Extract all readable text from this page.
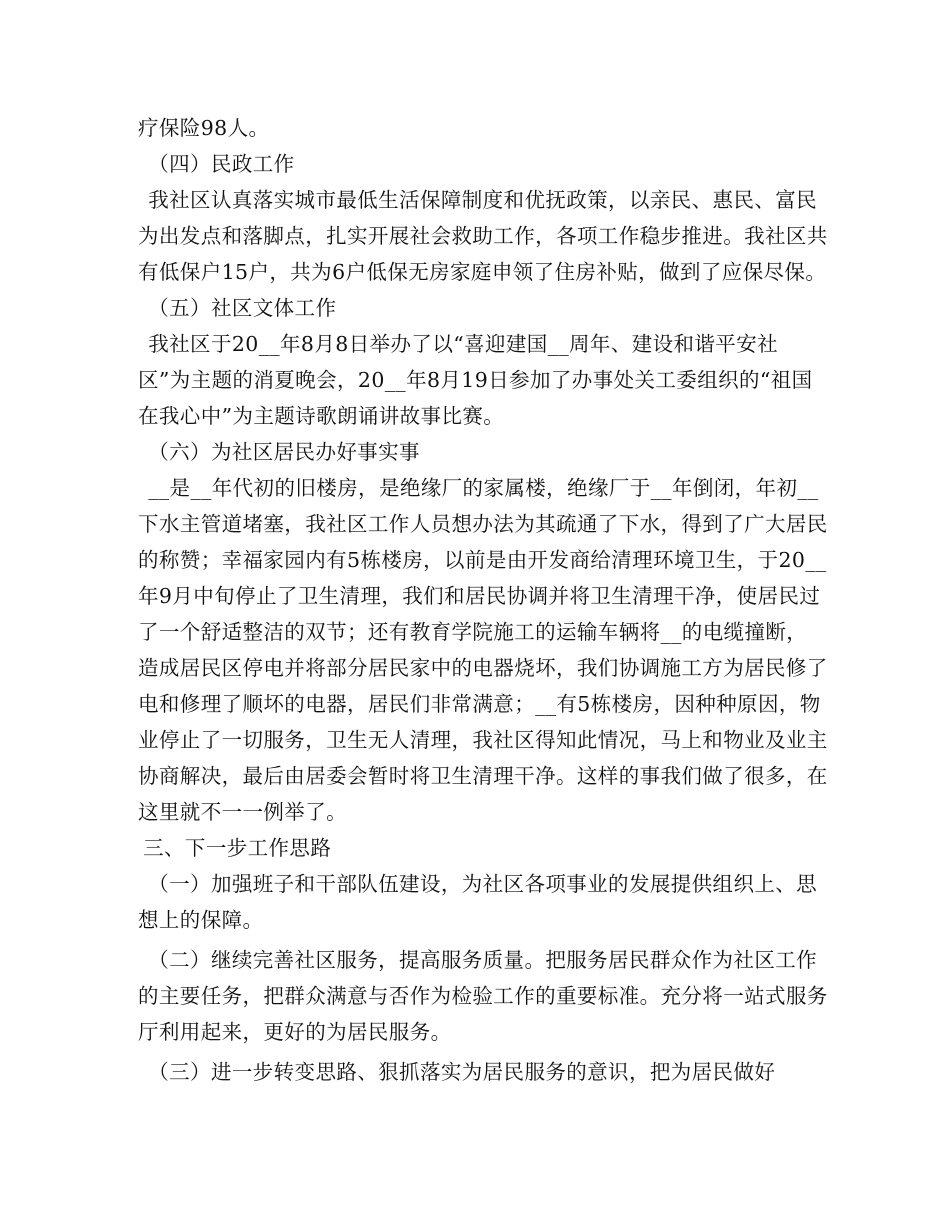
疗保险98人。

（四）民政工作

我社区认真落实城市最低生活保障制度和优抚政策，以亲民、惠民、富民为出发点和落脚点，扎实开展社会救助工作，各项工作稳步推进。我社区共有低保户15户，共为6户低保无房家庭申领了住房补贴，做到了应保尽保。

（五）社区文体工作

我社区于20__年8月8日举办了以“喜迎建国__周年、建设和谐平安社区”为主题的消夏晚会，20__年8月19日参加了办事处关工委组织的“祖国在我心中”为主题诗歌朗诵讲故事比赛。

（六）为社区居民办好事实事

__是__年代初的旧楼房，是绝缘厂的家属楼，绝缘厂于__年倒闭，年初__下水主管道堵塞，我社区工作人员想办法为其疏通了下水，得到了广大居民的称赞；幸福家园内有5栋楼房，以前是由开发商给清理环境卫生，于20__年9月中旬停止了卫生清理，我们和居民协调并将卫生清理干净，使居民过了一个舒适整洁的双节；还有教育学院施工的运输车辆将__的电缆撞断，造成居民区停电并将部分居民家中的电器烧坏，我们协调施工方为居民修了电和修理了顺坏的电器，居民们非常满意；__有5栋楼房，因种种原因，物业停止了一切服务，卫生无人清理，我社区得知此情况，马上和物业及业主协商解决，最后由居委会暂时将卫生清理干净。这样的事我们做了很多，在这里就不一一例举了。

三、下一步工作思路

（一）加强班子和干部队伍建设，为社区各项事业的发展提供组织上、思想上的保障。

（二）继续完善社区服务，提高服务质量。把服务居民群众作为社区工作的主要任务，把群众满意与否作为检验工作的重要标准。充分将一站式服务厅利用起来，更好的为居民服务。

（三）进一步转变思路、狠抓落实为居民服务的意识，把为居民做好
